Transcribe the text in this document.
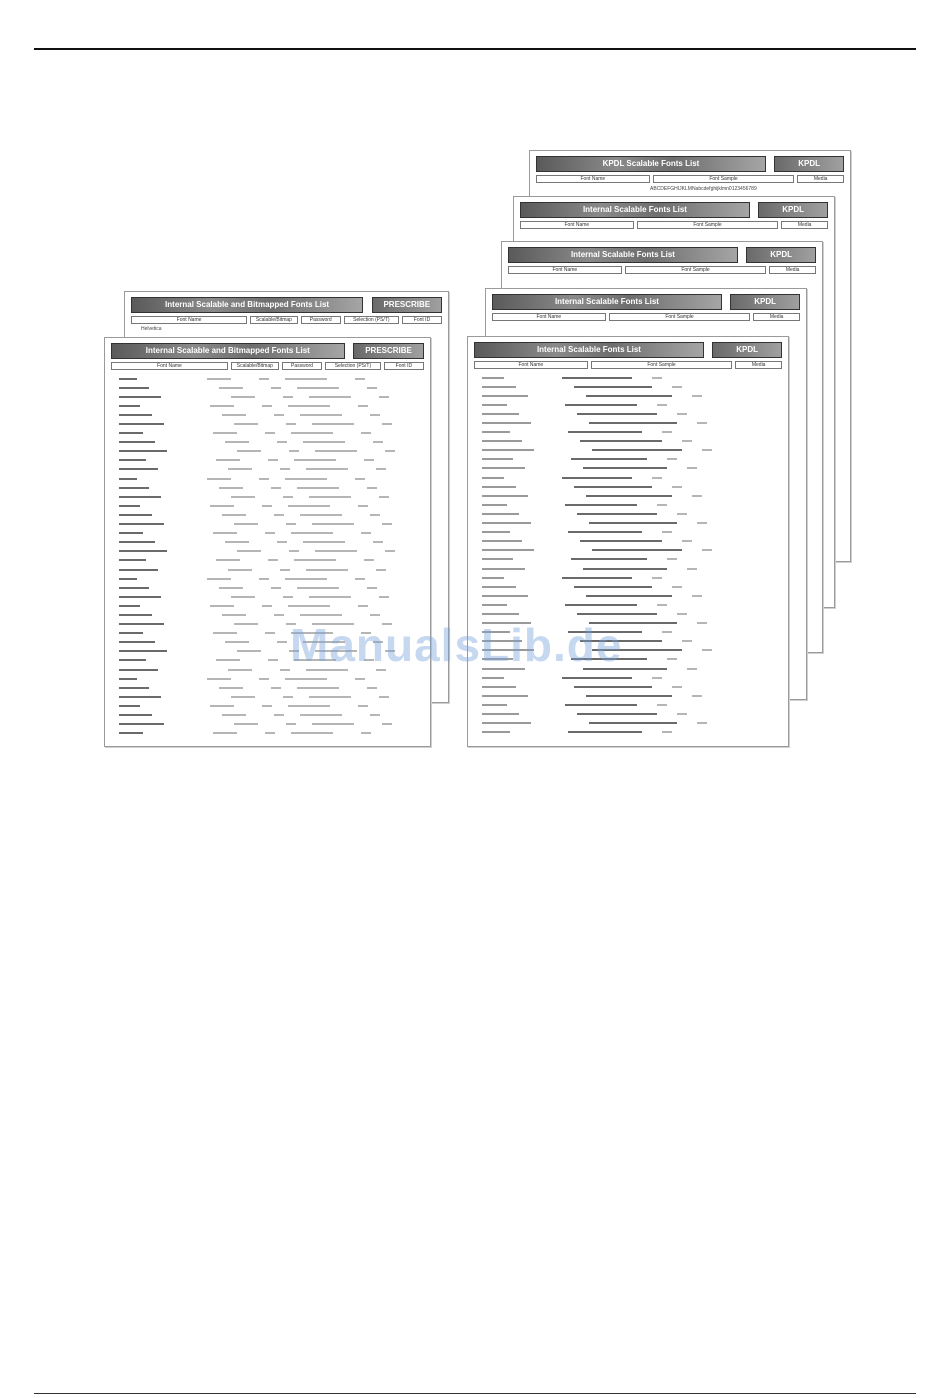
Internal Scalable and Bitmapped Fonts List	PRESCRIBE
Font Name	Scalable/Bitmap	Password	Selection (PS/T)	Font ID
Helvetica
Internal Scalable and Bitmapped Fonts List	PRESCRIBE
Font Name	Scalable/Bitmap	Password	Selection (PS/T)	Font ID
KPDL Scalable Fonts List	KPDL
Font Name	Font Sample	Media
ABCDEFGHIJKLMNabcdefghijklmn0123456789
Internal Scalable Fonts List	KPDL
Font Name	Font Sample	Media
Internal Scalable Fonts List	KPDL
Font Name	Font Sample	Media
Internal Scalable Fonts List	KPDL
Font Name	Font Sample	Media
Internal Scalable Fonts List	KPDL
Font Name	Font Sample	Media
ManualsLib.de
